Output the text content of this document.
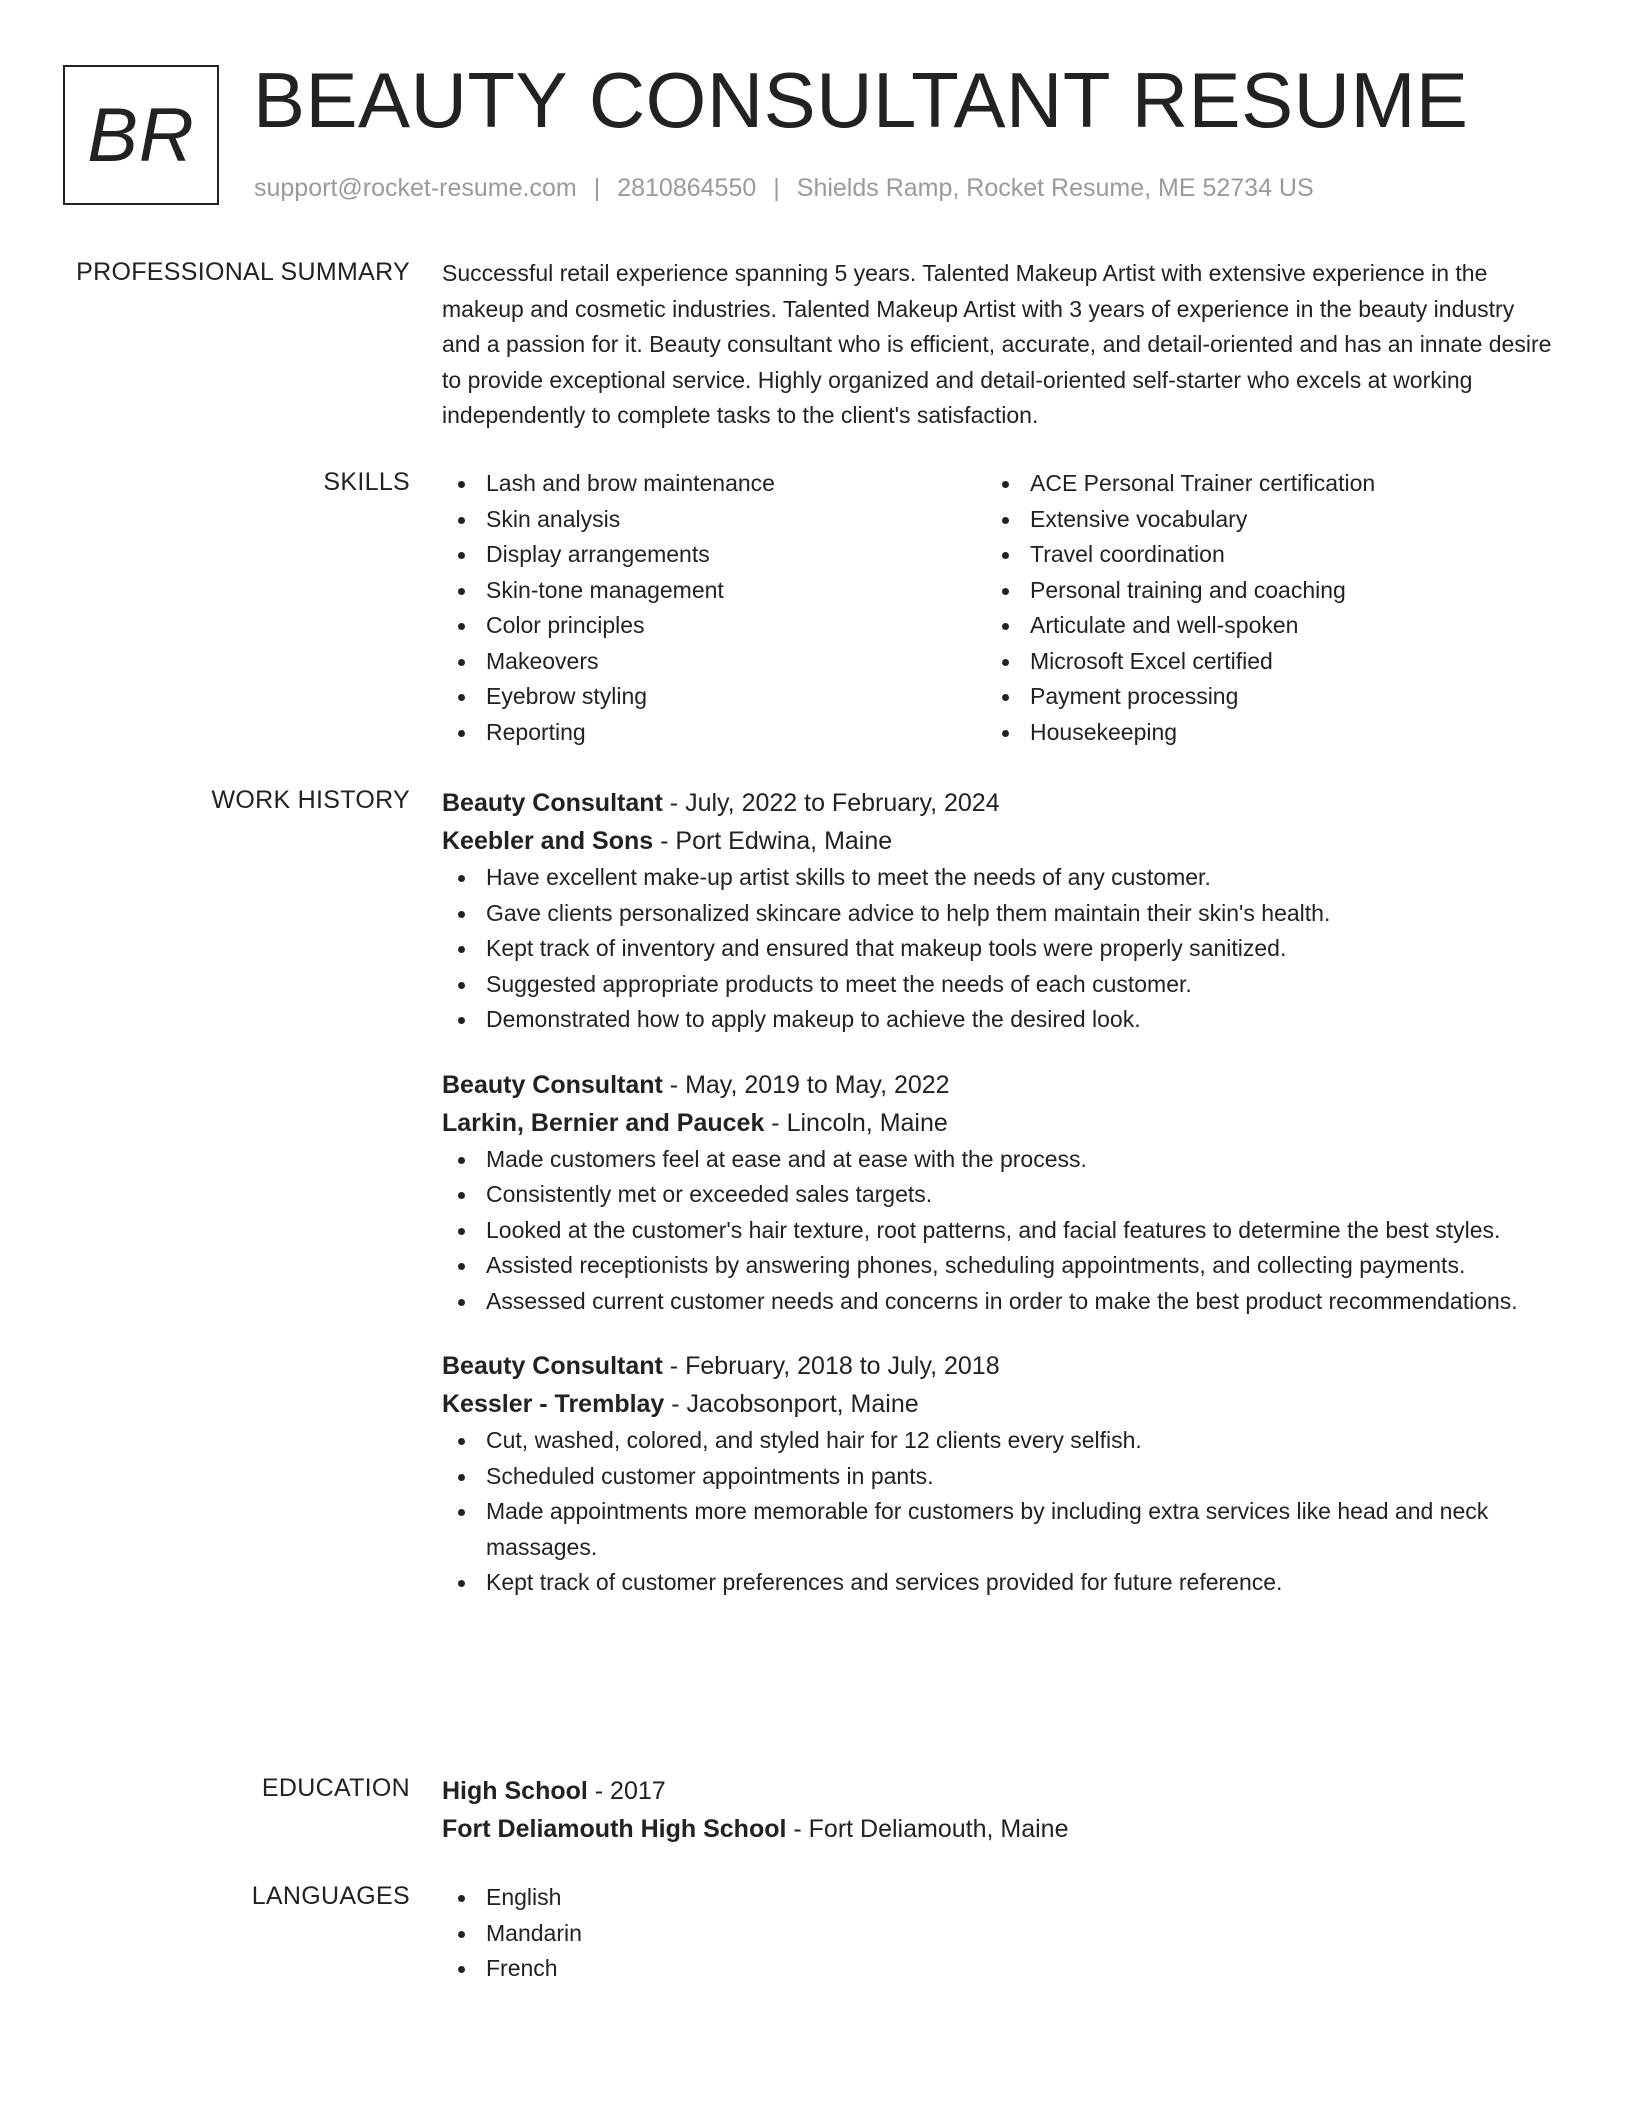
BR BEAUTY CONSULTANT RESUME
support@rocket-resume.com | 2810864550 | Shields Ramp, Rocket Resume, ME 52734 US
PROFESSIONAL SUMMARY Successful retail experience spanning 5 years. Talented Makeup Artist with extensive experience in the makeup and cosmetic industries. Talented Makeup Artist with 3 years of experience in the beauty industry and a passion for it. Beauty consultant who is efficient, accurate, and detail-oriented and has an innate desire to provide exceptional service. Highly organized and detail-oriented self-starter who excels at working independently to complete tasks to the client's satisfaction.
SKILLS	Lash and brow maintenance
Skin analysis
Display arrangements
Skin-tone management
Color principles
Makeovers
Eyebrow styling
Reporting
ACE Personal Trainer certification
Extensive vocabulary
Travel coordination
Personal training and coaching
Articulate and well-spoken
Microsoft Excel certified
Payment processing
Housekeeping
WORK HISTORY Beauty Consultant - July, 2022 to February, 2024
Keebler and Sons - Port Edwina, Maine
Have excellent make-up artist skills to meet the needs of any customer.
Gave clients personalized skincare advice to help them maintain their skin's health.
Kept track of inventory and ensured that makeup tools were properly sanitized.
Suggested appropriate products to meet the needs of each customer.
Demonstrated how to apply makeup to achieve the desired look.
Beauty Consultant - May, 2019 to May, 2022
Larkin, Bernier and Paucek - Lincoln, Maine
Made customers feel at ease and at ease with the process.
Consistently met or exceeded sales targets.
Looked at the customer's hair texture, root patterns, and facial features to determine the best styles.
Assisted receptionists by answering phones, scheduling appointments, and collecting payments.
Assessed current customer needs and concerns in order to make the best product recommendations.
Beauty Consultant - February, 2018 to July, 2018
Kessler - Tremblay - Jacobsonport, Maine
Cut, washed, colored, and styled hair for 12 clients every selfish.
Scheduled customer appointments in pants.
Made appointments more memorable for customers by including extra services like head and neck massages.
Kept track of customer preferences and services provided for future reference.
EDUCATION High School - 2017
Fort Deliamouth High School - Fort Deliamouth, Maine
LANGUAGES	English
Mandarin
French
